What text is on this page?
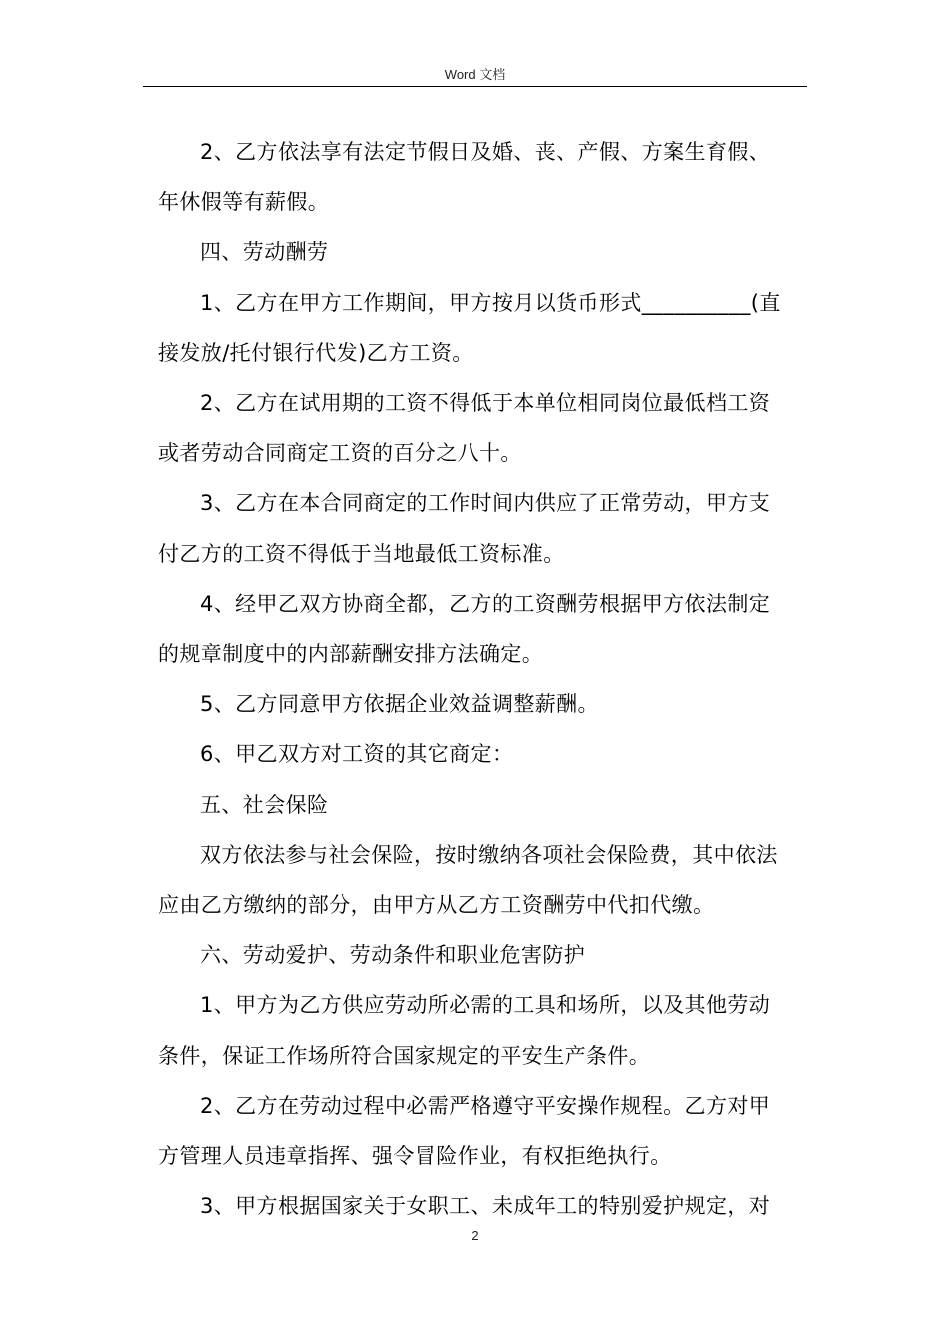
Word 文档

2、乙方依法享有法定节假日及婚、丧、产假、方案生育假、
年休假等有薪假。

四、劳动酬劳

1、乙方在甲方工作期间，甲方按月以货币形式__________(直
接发放/托付银行代发)乙方工资。

2、乙方在试用期的工资不得低于本单位相同岗位最低档工资
或者劳动合同商定工资的百分之八十。

3、乙方在本合同商定的工作时间内供应了正常劳动，甲方支
付乙方的工资不得低于当地最低工资标准。

4、经甲乙双方协商全都，乙方的工资酬劳根据甲方依法制定
的规章制度中的内部薪酬安排方法确定。

5、乙方同意甲方依据企业效益调整薪酬。

6、甲乙双方对工资的其它商定：

五、社会保险

双方依法参与社会保险，按时缴纳各项社会保险费，其中依法
应由乙方缴纳的部分，由甲方从乙方工资酬劳中代扣代缴。

六、劳动爱护、劳动条件和职业危害防护

1、甲方为乙方供应劳动所必需的工具和场所，以及其他劳动
条件，保证工作场所符合国家规定的平安生产条件。

2、乙方在劳动过程中必需严格遵守平安操作规程。乙方对甲
方管理人员违章指挥、强令冒险作业，有权拒绝执行。

3、甲方根据国家关于女职工、未成年工的特别爱护规定，对

2
